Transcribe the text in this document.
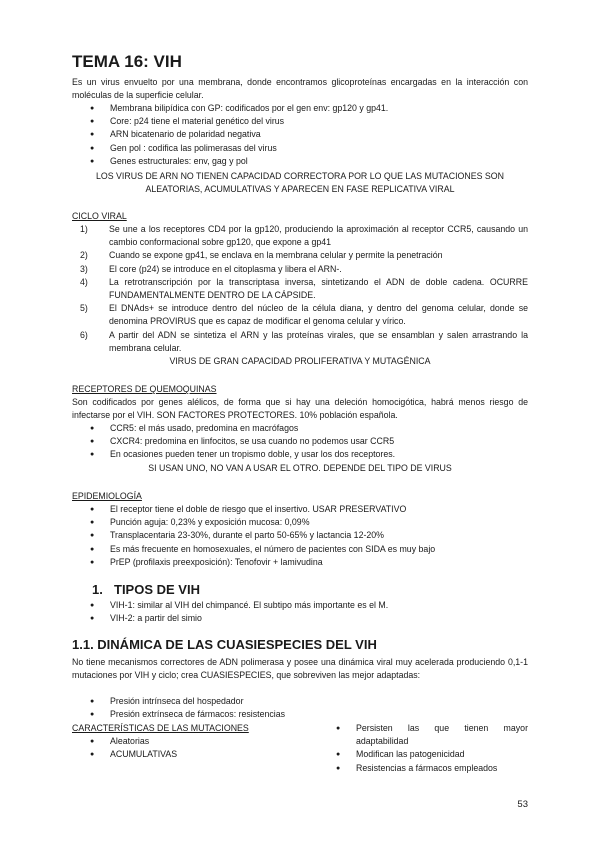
TEMA 16: VIH

Es un virus envuelto por una membrana, donde encontramos glicoproteínas encargadas en la interacción con moléculas de la superficie celular.

● Membrana bilipídica con GP: codificados por el gen env: gp120 y gp41.
● Core: p24 tiene el material genético del virus
● ARN bicatenario de polaridad negativa
● Gen pol : codifica las polimerasas del virus
● Genes estructurales: env, gag y pol

LOS VIRUS DE ARN NO TIENEN CAPACIDAD CORRECTORA POR LO QUE LAS MUTACIONES SON ALEATORIAS, ACUMULATIVAS Y APARECEN EN FASE REPLICATIVA VIRAL

CICLO VIRAL

1) Se une a los receptores CD4 por la gp120, produciendo la aproximación al receptor CCR5, causando un cambio conformacional sobre gp120, que expone a gp41
2) Cuando se expone gp41, se enclava en la membrana celular y permite la penetración
3) El core (p24) se introduce en el citoplasma y libera el ARN-.
4) La retrotranscripción por la transcriptasa inversa, sintetizando el ADN de doble cadena. OCURRE FUNDAMENTALMENTE DENTRO DE LA CÁPSIDE.
5) El DNAds+ se introduce dentro del núcleo de la célula diana, y dentro del genoma celular, donde se denomina PROVIRUS que es capaz de modificar el genoma celular y vírico.
6) A partir del ADN se sintetiza el ARN y las proteínas virales, que se ensamblan y salen arrastrando la membrana celular.

VIRUS DE GRAN CAPACIDAD PROLIFERATIVA Y MUTAGÉNICA

RECEPTORES DE QUEMOQUINAS

Son codificados por genes alélicos, de forma que si hay una deleción homocigótica, habrá menos riesgo de infectarse por el VIH. SON FACTORES PROTECTORES. 10% población española.

● CCR5: el más usado, predomina en macrófagos
● CXCR4: predomina en linfocitos, se usa cuando no podemos usar CCR5
● En ocasiones pueden tener un tropismo doble, y usar los dos receptores.

SI USAN UNO, NO VAN A USAR EL OTRO. DEPENDE DEL TIPO DE VIRUS

EPIDEMIOLOGÍA

● El receptor tiene el doble de riesgo que el insertivo. USAR PRESERVATIVO
● Punción aguja: 0,23% y exposición mucosa: 0,09%
● Transplacentaria 23-30%, durante el parto 50-65% y lactancia 12-20%
● Es más frecuente en homosexuales, el número de pacientes con SIDA es muy bajo
● PrEP (profilaxis preexposición): Tenofovir + lamivudina
1. TIPOS DE VIH
● VIH-1: similar al VIH del chimpancé. El subtipo más importante es el M.
● VIH-2: a partir del simio
1.1. DINÁMICA DE LAS CUASIESPECIES DEL VIH

No tiene mecanismos correctores de ADN polimerasa y posee una dinámica viral muy acelerada produciendo 0,1-1 mutaciones por VIH y ciclo; crea CUASIESPECIES, que sobreviven las mejor adaptadas:

● Presión intrínseca del hospedador
● Presión extrínseca de fármacos: resistencias

CARACTERÍSTICAS DE LAS MUTACIONES

● Aleatorias
● ACUMULATIVAS
● Persisten las que tienen mayor adaptabilidad
● Modifican las patogenicidad
● Resistencias a fármacos empleados
53
